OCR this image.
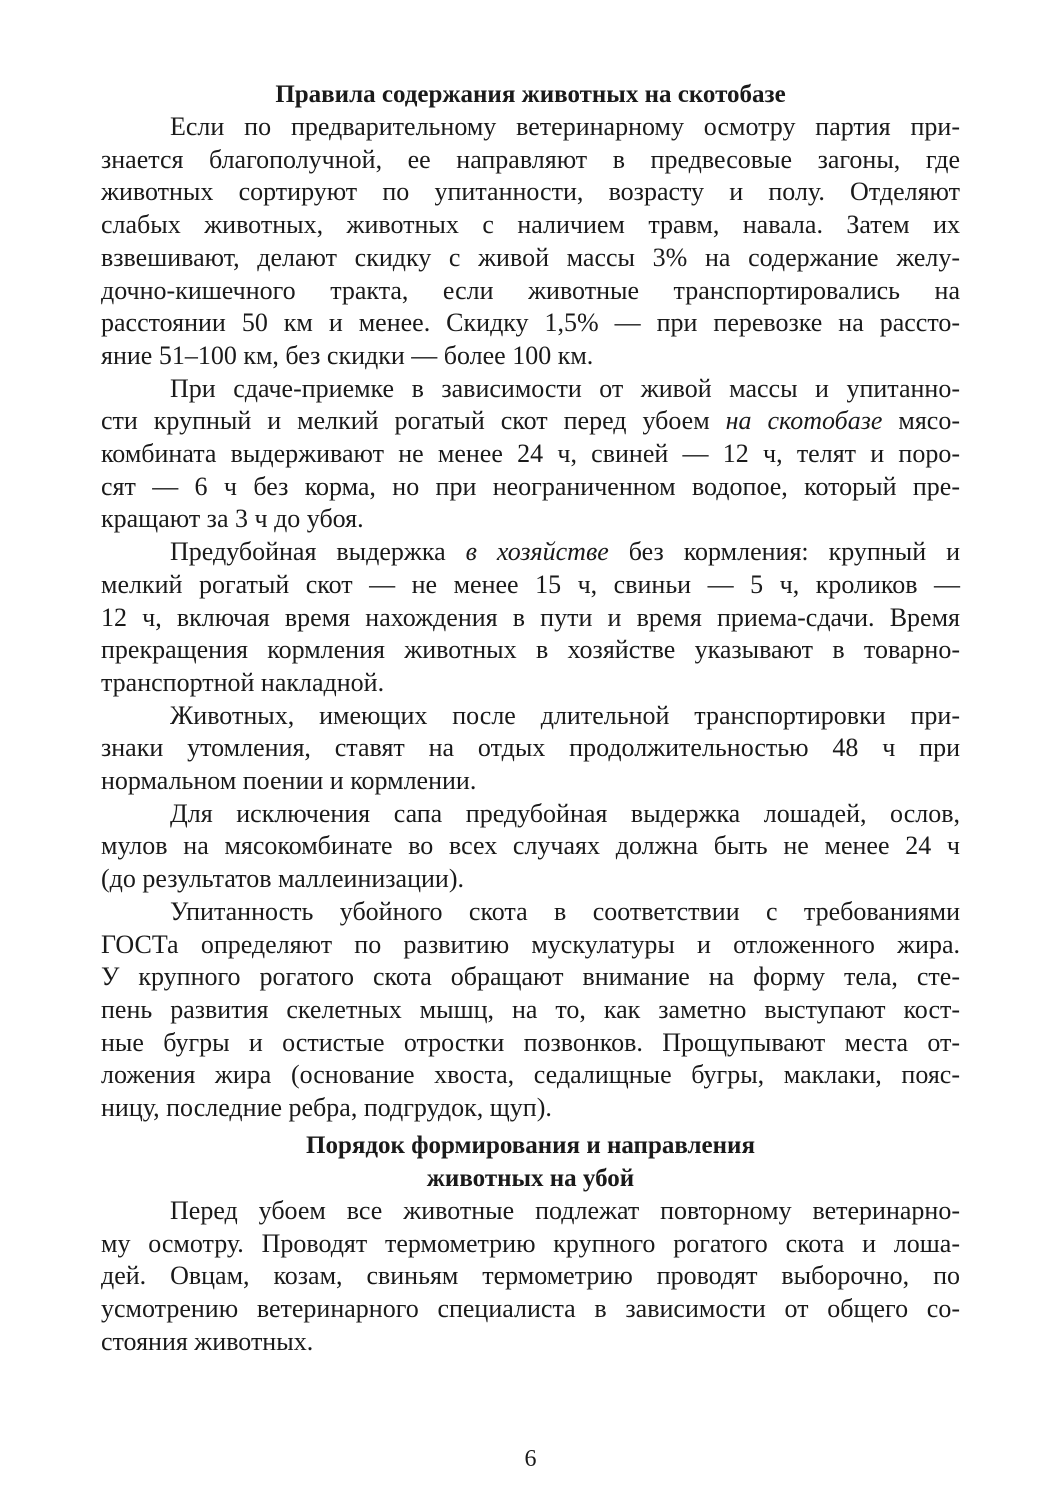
Правила содержания животных на скотобазе
Если по предварительному ветеринарному осмотру партия при-
знается благополучной, ее направляют в предвесовые загоны, где
животных сортируют по упитанности, возрасту и полу. Отделяют
слабых животных, животных с наличием травм, навала. Затем их
взвешивают, делают скидку с живой массы 3% на содержание желу-
дочно-кишечного тракта, если животные транспортировались на
расстоянии 50 км и менее. Скидку 1,5% — при перевозке на рассто-
яние 51–100 км, без скидки — более 100 км.
При сдаче-приемке в зависимости от живой массы и упитанно-
сти крупный и мелкий рогатый скот перед убоем на скотобазе мясо-
комбината выдерживают не менее 24 ч, свиней — 12 ч, телят и поро-
сят — 6 ч без корма, но при неограниченном водопое, который пре-
кращают за 3 ч до убоя.
Предубойная выдержка в хозяйстве без кормления: крупный и
мелкий рогатый скот — не менее 15 ч, свиньи — 5 ч, кроликов —
12 ч, включая время нахождения в пути и время приема-сдачи. Время
прекращения кормления животных в хозяйстве указывают в товарно-
транспортной накладной.
Животных, имеющих после длительной транспортировки при-
знаки утомления, ставят на отдых продолжительностью 48 ч при
нормальном поении и кормлении.
Для исключения сапа предубойная выдержка лошадей, ослов,
мулов на мясокомбинате во всех случаях должна быть не менее 24 ч
(до результатов маллеинизации).
Упитанность убойного скота в соответствии с требованиями
ГОСТа определяют по развитию мускулатуры и отложенного жира.
У крупного рогатого скота обращают внимание на форму тела, сте-
пень развития скелетных мышц, на то, как заметно выступают кост-
ные бугры и остистые отростки позвонков. Прощупывают места от-
ложения жира (основание хвоста, седалищные бугры, маклаки, пояс-
ницу, последние ребра, подгрудок, щуп).
Порядок формирования и направления
животных на убой
Перед убоем все животные подлежат повторному ветеринарно-
му осмотру. Проводят термометрию крупного рогатого скота и лоша-
дей. Овцам, козам, свиньям термометрию проводят выборочно, по
усмотрению ветеринарного специалиста в зависимости от общего со-
стояния животных.
6
